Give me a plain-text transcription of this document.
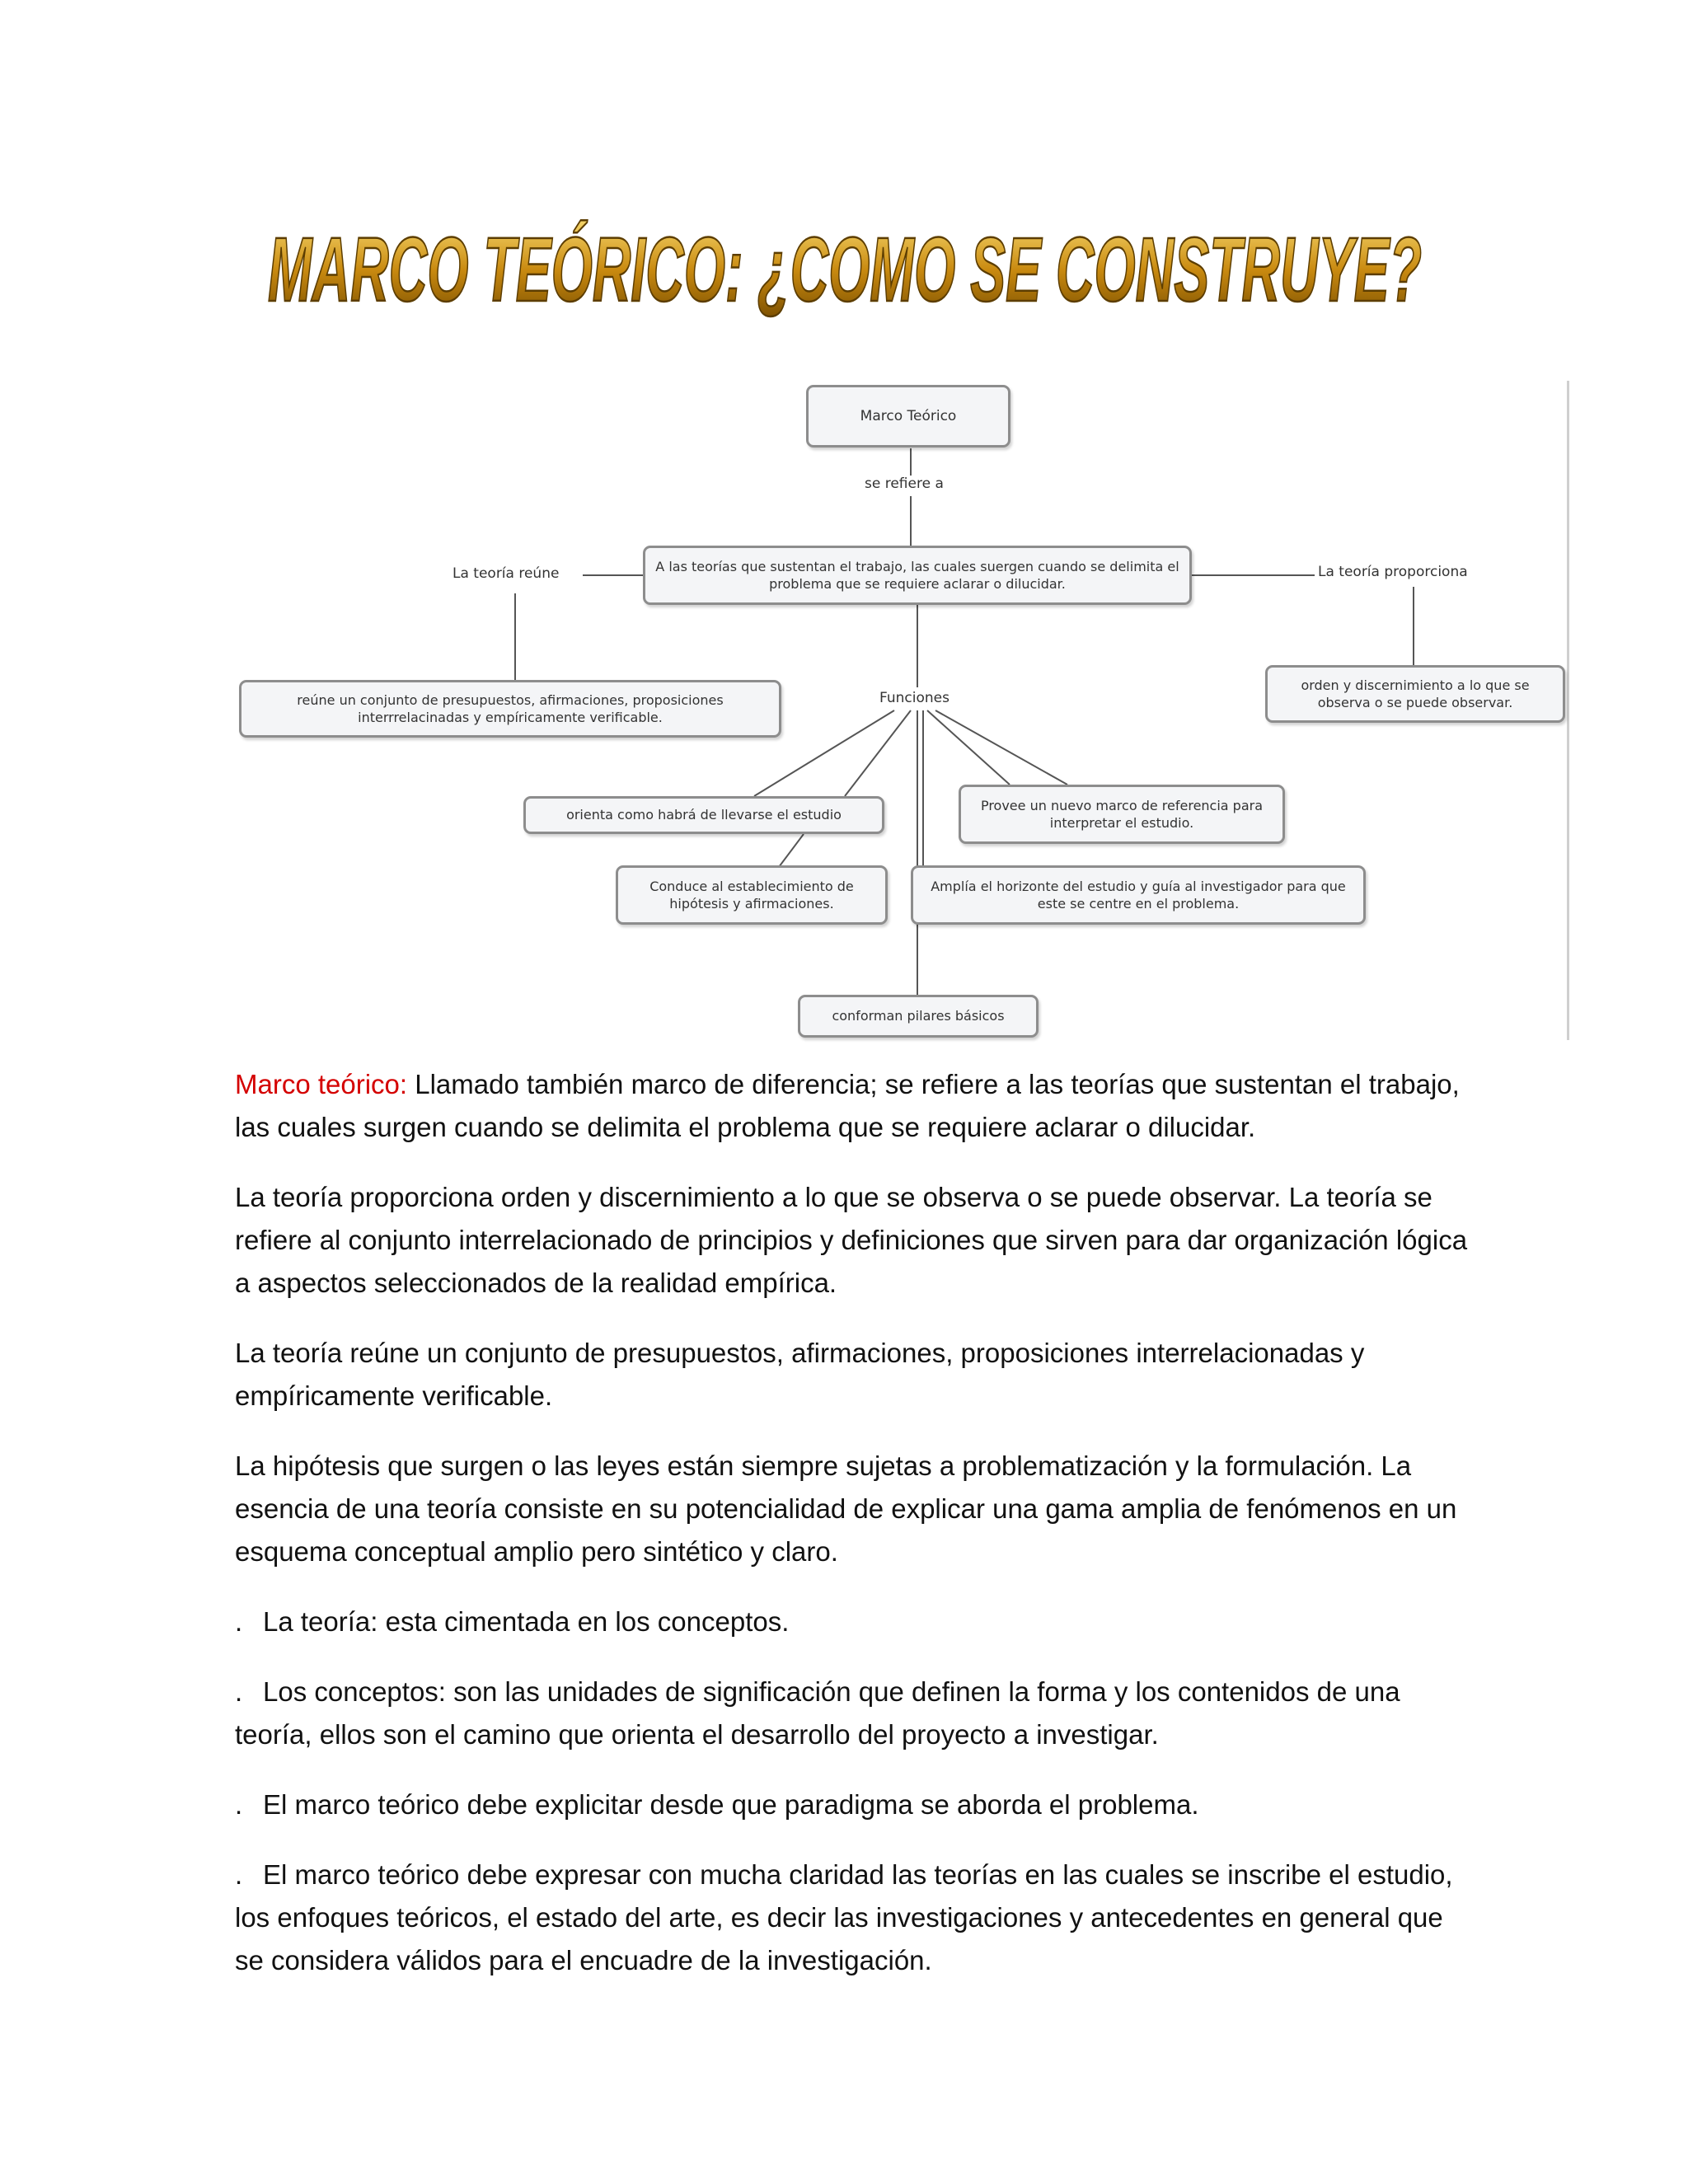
MARCO TEÓRICO: ¿COMO SE CONSTRUYE?
Marco Teórico
se refiere a
A las teorías que sustentan el trabajo, las cuales suergen cuando se delimita el problema que se requiere aclarar o dilucidar.
La teoría reúne	La teoría proporciona
reúne un conjunto de presupuestos, afirmaciones, proposiciones interrrelacinadas y empíricamente verificable.
orden y discernimiento a lo que se observa o se puede observar.
Funciones
orienta como habrá de llevarse el estudio
Provee un nuevo marco de referencia para interpretar el estudio.
Conduce al establecimiento de hipótesis y afirmaciones.
Amplía el horizonte del estudio y guía al investigador para que este se centre en el problema.
conforman pilares básicos

Marco teórico: Llamado también marco de diferencia; se refiere a las teorías que sustentan el trabajo, las cuales surgen cuando se delimita el problema que se requiere aclarar o dilucidar.

La teoría proporciona orden y discernimiento a lo que se observa o se puede observar. La teoría se refiere al conjunto interrelacionado de principios y definiciones que sirven para dar organización lógica a aspectos seleccionados de la realidad empírica.

La teoría reúne un conjunto de presupuestos, afirmaciones, proposiciones interrelacionadas y empíricamente verificable.

La hipótesis que surgen o las leyes están siempre sujetas a problematización y la formulación. La esencia de una teoría consiste en su potencialidad de explicar una gama amplia de fenómenos en un esquema conceptual amplio pero sintético y claro.

. La teoría: esta cimentada en los conceptos.

. Los conceptos: son las unidades de significación que definen la forma y los contenidos de una teoría, ellos son el camino que orienta el desarrollo del proyecto a investigar.

. El marco teórico debe explicitar desde que paradigma se aborda el problema.

. El marco teórico debe expresar con mucha claridad las teorías en las cuales se inscribe el estudio, los enfoques teóricos, el estado del arte, es decir las investigaciones y antecedentes en general que se considera válidos para el encuadre de la investigación.
